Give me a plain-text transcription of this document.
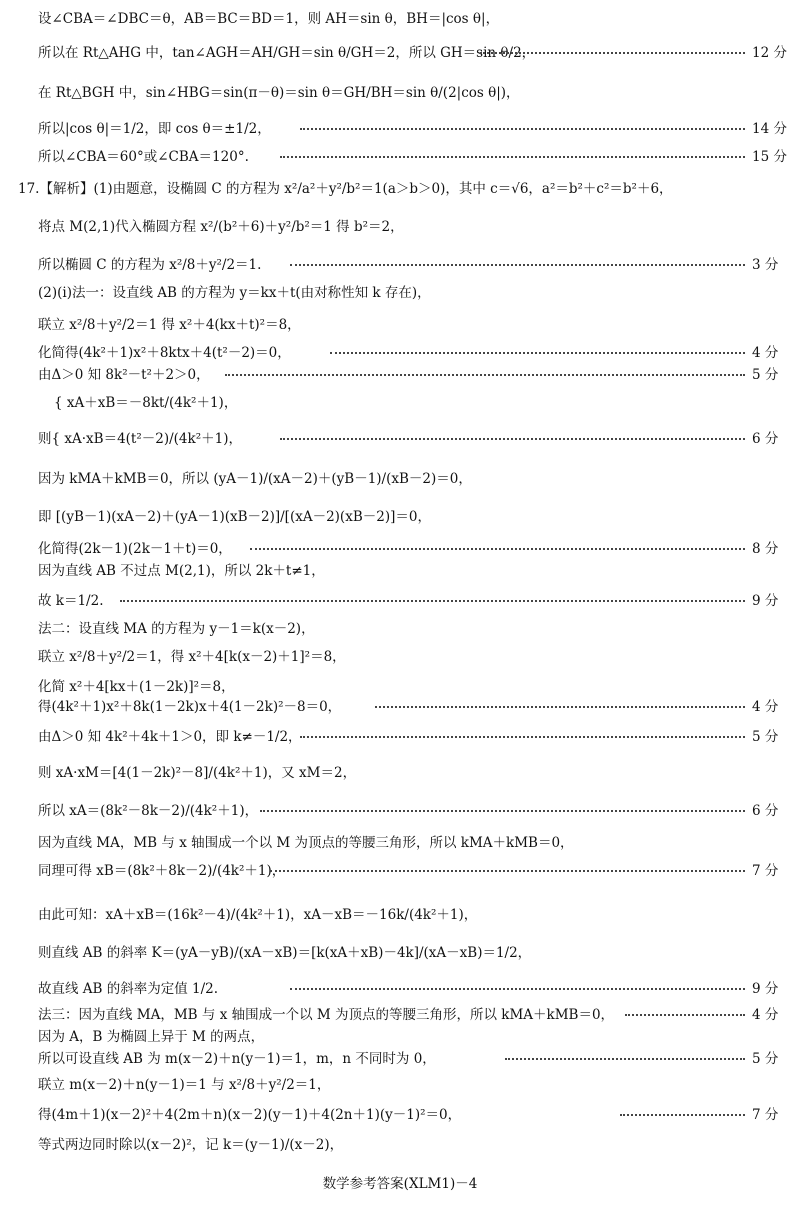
设∠CBA＝∠DBC＝θ，AB＝BC＝BD＝1，则 AH＝sin θ，BH＝|cos θ|，
所以在 Rt△AHG 中，tan∠AGH＝AH/GH＝sin θ/GH＝2，所以 GH＝sin θ/2，	12 分
在 Rt△BGH 中，sin∠HBG＝sin(π－θ)＝sin θ＝GH/BH＝sin θ/(2|cos θ|)，
所以|cos θ|＝1/2，即 cos θ＝±1/2，	14 分
所以∠CBA＝60°或∠CBA＝120°.	15 分
17.【解析】(1)由题意，设椭圆 C 的方程为 x²/a²＋y²/b²＝1(a＞b＞0)，其中 c＝√6，a²＝b²＋c²＝b²＋6，
将点 M(2,1)代入椭圆方程 x²/(b²＋6)＋y²/b²＝1 得 b²＝2，
所以椭圆 C 的方程为 x²/8＋y²/2＝1.	3 分
(2)(ⅰ)法一：设直线 AB 的方程为 y＝kx＋t(由对称性知 k 存在)，
联立 x²/8＋y²/2＝1 得 x²＋4(kx＋t)²＝8，
化简得(4k²＋1)x²＋8ktx＋4(t²－2)＝0，	4 分
由Δ＞0 知 8k²－t²＋2＞0，	5 分
{ xA＋xB＝－8kt/(4k²＋1)，
则{ xA·xB＝4(t²－2)/(4k²＋1)，	6 分
因为 kMA＋kMB＝0，所以 (yA－1)/(xA－2)＋(yB－1)/(xB－2)＝0，
即 [(yB－1)(xA－2)＋(yA－1)(xB－2)]/[(xA－2)(xB－2)]＝0，
化简得(2k－1)(2k－1＋t)＝0，	8 分
因为直线 AB 不过点 M(2,1)，所以 2k＋t≠1，
故 k＝1/2.	9 分
法二：设直线 MA 的方程为 y－1＝k(x－2)，
联立 x²/8＋y²/2＝1，得 x²＋4[k(x－2)＋1]²＝8，
化简 x²＋4[kx＋(1－2k)]²＝8，
得(4k²＋1)x²＋8k(1－2k)x＋4(1－2k)²－8＝0，	4 分
由Δ＞0 知 4k²＋4k＋1＞0，即 k≠－1/2，	5 分
则 xA·xM＝[4(1－2k)²－8]/(4k²＋1)，又 xM＝2，
所以 xA＝(8k²－8k－2)/(4k²＋1)，	6 分
因为直线 MA，MB 与 x 轴围成一个以 M 为顶点的等腰三角形，所以 kMA＋kMB＝0，
同理可得 xB＝(8k²＋8k－2)/(4k²＋1)，	7 分
由此可知：xA＋xB＝(16k²－4)/(4k²＋1)，xA－xB＝－16k/(4k²＋1)，
则直线 AB 的斜率 K＝(yA－yB)/(xA－xB)＝[k(xA＋xB)－4k]/(xA－xB)＝1/2，
故直线 AB 的斜率为定值 1/2.	9 分
法三：因为直线 MA，MB 与 x 轴围成一个以 M 为顶点的等腰三角形，所以 kMA＋kMB＝0，	4 分
因为 A，B 为椭圆上异于 M 的两点，
所以可设直线 AB 为 m(x－2)＋n(y－1)＝1，m，n 不同时为 0，	5 分
联立 m(x－2)＋n(y－1)＝1 与 x²/8＋y²/2＝1，
得(4m＋1)(x－2)²＋4(2m＋n)(x－2)(y－1)＋4(2n＋1)(y－1)²＝0，	7 分
等式两边同时除以(x－2)²，记 k＝(y－1)/(x－2)，
数学参考答案(XLM1)－4
